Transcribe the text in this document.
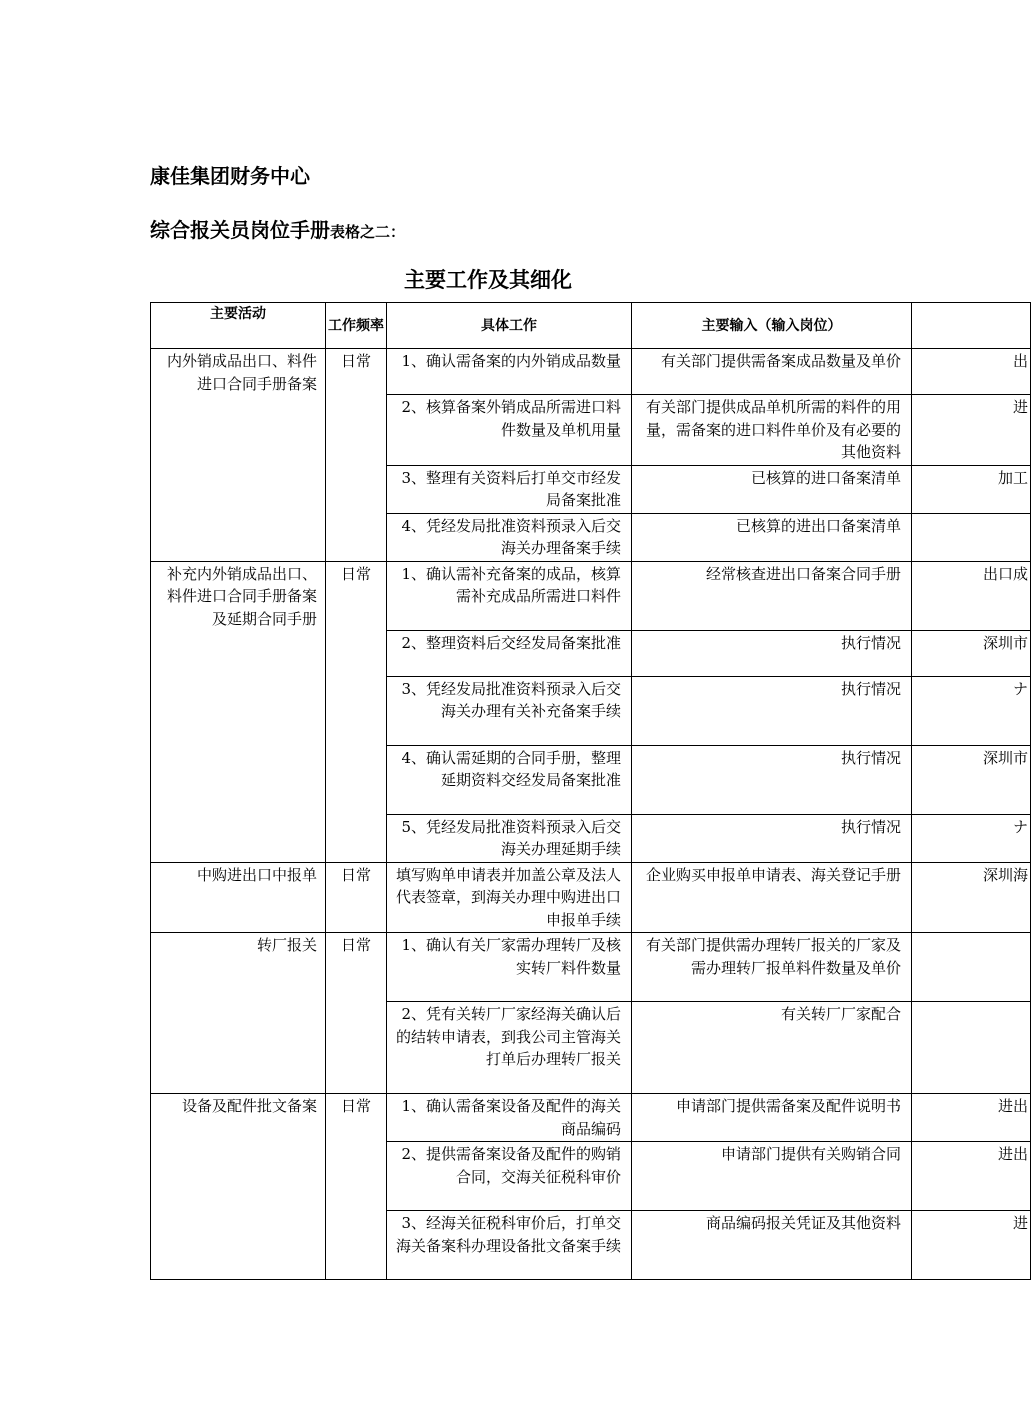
康佳集团财务中心
综合报关员岗位手册表格之二：
主要工作及其细化
主要活动	工作频率	具体工作	主要输入（输入岗位）	
内外销成品出口、料件进口合同手册备案	日常	1、确认需备案的内外销成品数量	有关部门提供需备案成品数量及单价	出
		2、核算备案外销成品所需进口料件数量及单机用量	有关部门提供成品单机所需的料件的用量，需备案的进口料件单价及有必要的其他资料	进
		3、整理有关资料后打单交市经发局备案批准	已核算的进口备案清单	加工
		4、凭经发局批准资料预录入后交海关办理备案手续	已核算的进出口备案清单	
补充内外销成品出口、料件进口合同手册备案及延期合同手册	日常	1、确认需补充备案的成品，核算需补充成品所需进口料件	经常核查进出口备案合同手册	出口成
		2、整理资料后交经发局备案批准	执行情况	深圳市
		3、凭经发局批准资料预录入后交海关办理有关补充备案手续	执行情况	ナ
		4、确认需延期的合同手册，整理延期资料交经发局备案批准	执行情况	深圳市
		5、凭经发局批准资料预录入后交海关办理延期手续	执行情况	ナ
中购进出口中报单	日常	填写购单申请表并加盖公章及法人代表签章，到海关办理中购进出口申报单手续	企业购买申报单申请表、海关登记手册	深圳海
转厂报关	日常	1、确认有关厂家需办理转厂及核实转厂料件数量	有关部门提供需办理转厂报关的厂家及需办理转厂报单料件数量及单价	
		2、凭有关转厂厂家经海关确认后的结转申请表，到我公司主管海关打单后办理转厂报关	有关转厂厂家配合	
设备及配件批文备案	日常	1、确认需备案设备及配件的海关商品编码	申请部门提供需备案及配件说明书	进出
		2、提供需备案设备及配件的购销合同，交海关征税科审价	申请部门提供有关购销合同	进出
		3、经海关征税科审价后，打单交海关备案科办理设备批文备案手续	商品编码报关凭证及其他资料	进
